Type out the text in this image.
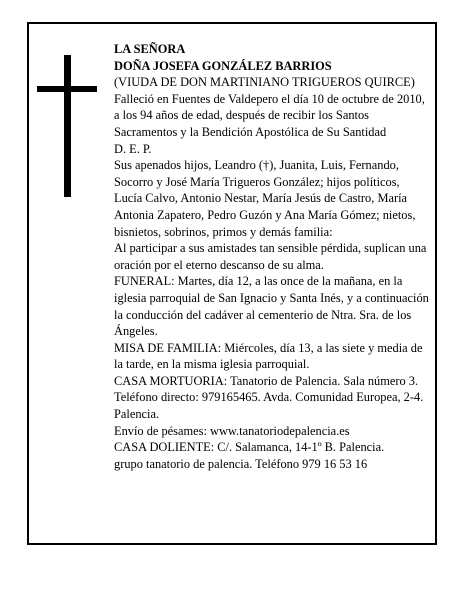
LA SEÑORA

DOÑA JOSEFA GONZÁLEZ BARRIOS

(VIUDA DE DON MARTINIANO TRIGUEROS QUIRCE)

Falleció en Fuentes de Valdepero el día 10 de octubre de 2010, a los 94 años de edad, después de recibir los Santos Sacramentos y la Bendición Apostólica de Su Santidad

D. E. P.

Sus apenados hijos, Leandro (†), Juanita, Luis, Fernando, Socorro y José María Trigueros González; hijos políticos, Lucía Calvo, Antonio Nestar, María Jesús de Castro, María Antonia Zapatero, Pedro Guzón y Ana María Gómez; nietos, bisnietos, sobrinos, primos y demás familia:

Al participar a sus amistades tan sensible pérdida, suplican una oración por el eterno descanso de su alma.

FUNERAL: Martes, día 12, a las once de la mañana, en la iglesia parroquial de San Ignacio y Santa Inés, y a continuación la conducción del cadáver al cementerio de Ntra. Sra. de los Ángeles.

MISA DE FAMILIA: Miércoles, día 13, a las siete y media de la tarde, en la misma iglesia parroquial.

CASA MORTUORIA: Tanatorio de Palencia. Sala número 3. Teléfono directo: 979165465. Avda. Comunidad Europea, 2-4. Palencia.

Envío de pésames: www.tanatoriodepalencia.es

CASA DOLIENTE: C/. Salamanca, 14-1º B. Palencia.

grupo tanatorio de palencia. Teléfono 979 16 53 16
